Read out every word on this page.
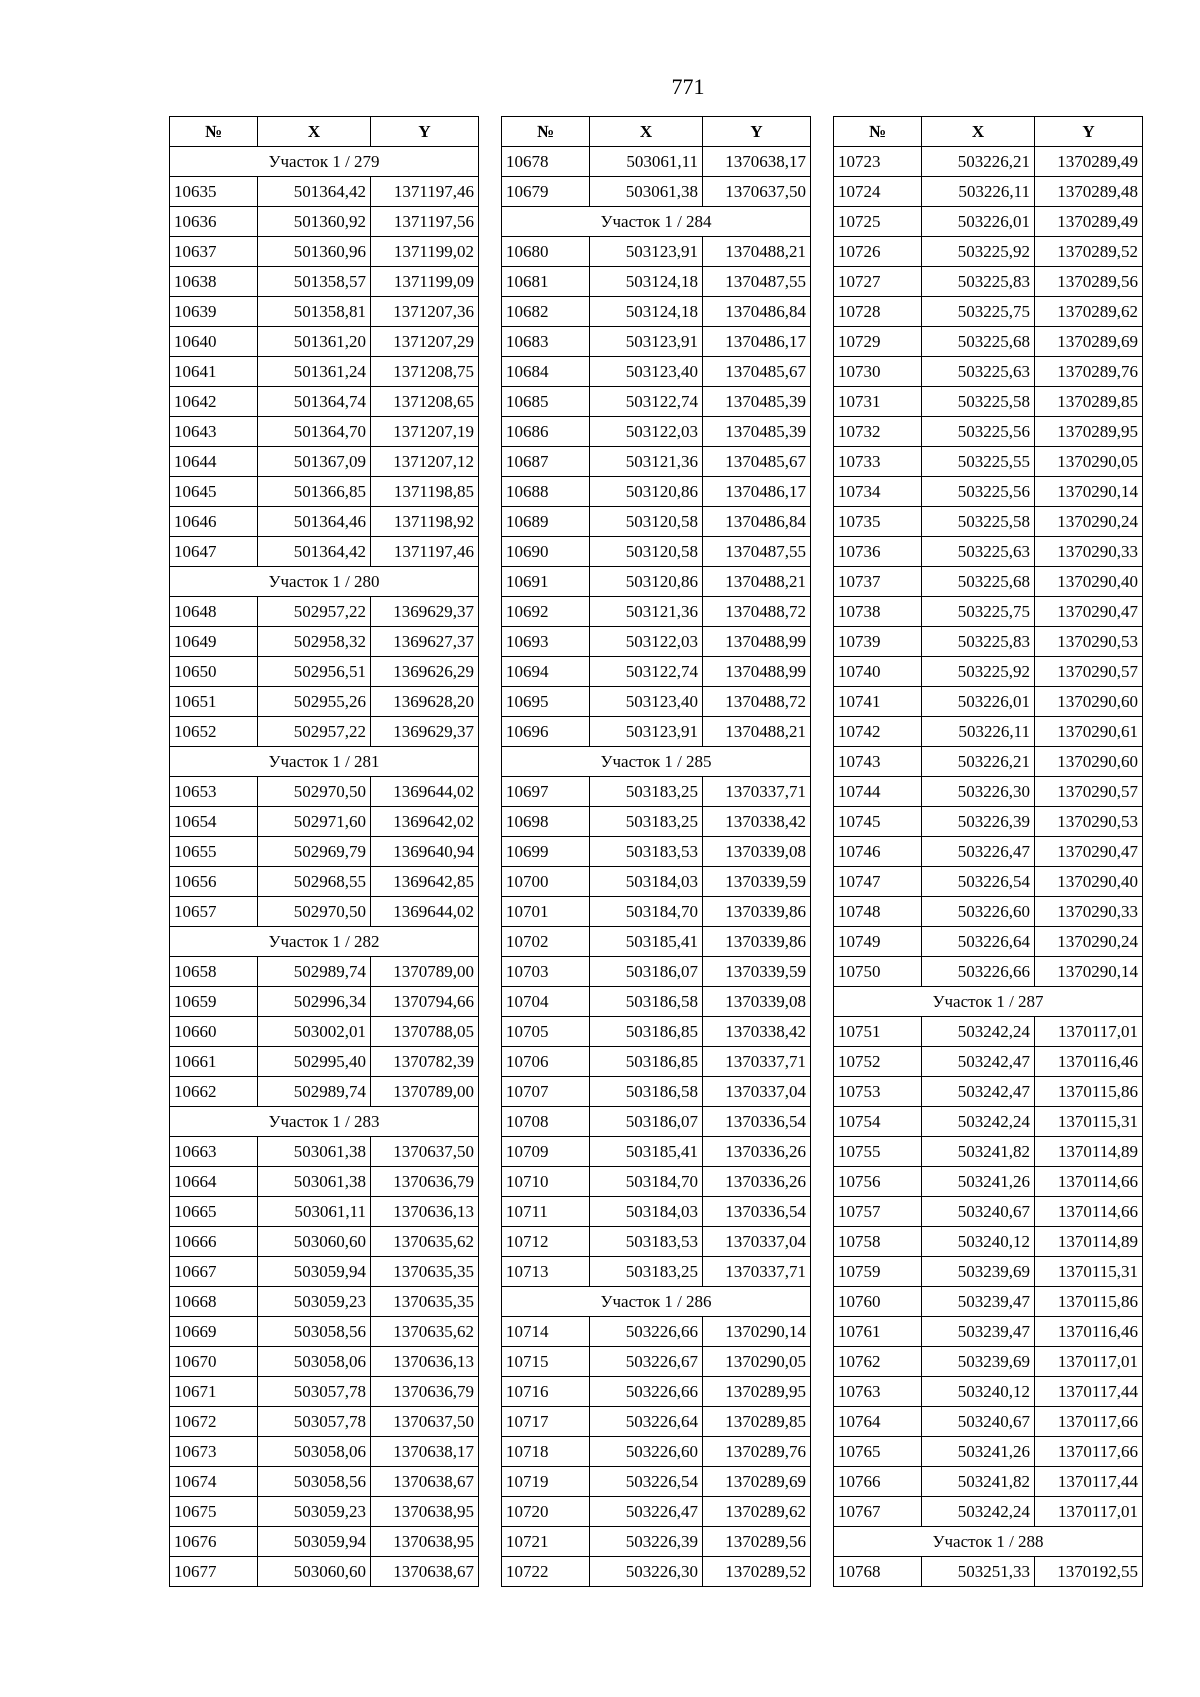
771
№	X	Y
Участок 1 / 279		
10635	501364,42	1371197,46
10636	501360,92	1371197,56
10637	501360,96	1371199,02
10638	501358,57	1371199,09
10639	501358,81	1371207,36
10640	501361,20	1371207,29
10641	501361,24	1371208,75
10642	501364,74	1371208,65
10643	501364,70	1371207,19
10644	501367,09	1371207,12
10645	501366,85	1371198,85
10646	501364,46	1371198,92
10647	501364,42	1371197,46
Участок 1 / 280		
10648	502957,22	1369629,37
10649	502958,32	1369627,37
10650	502956,51	1369626,29
10651	502955,26	1369628,20
10652	502957,22	1369629,37
Участок 1 / 281		
10653	502970,50	1369644,02
10654	502971,60	1369642,02
10655	502969,79	1369640,94
10656	502968,55	1369642,85
10657	502970,50	1369644,02
Участок 1 / 282		
10658	502989,74	1370789,00
10659	502996,34	1370794,66
10660	503002,01	1370788,05
10661	502995,40	1370782,39
10662	502989,74	1370789,00
Участок 1 / 283		
10663	503061,38	1370637,50
10664	503061,38	1370636,79
10665	503061,11	1370636,13
10666	503060,60	1370635,62
10667	503059,94	1370635,35
10668	503059,23	1370635,35
10669	503058,56	1370635,62
10670	503058,06	1370636,13
10671	503057,78	1370636,79
10672	503057,78	1370637,50
10673	503058,06	1370638,17
10674	503058,56	1370638,67
10675	503059,23	1370638,95
10676	503059,94	1370638,95
10677	503060,60	1370638,67
№	X	Y
10678	503061,11	1370638,17
10679	503061,38	1370637,50
Участок 1 / 284		
10680	503123,91	1370488,21
10681	503124,18	1370487,55
10682	503124,18	1370486,84
10683	503123,91	1370486,17
10684	503123,40	1370485,67
10685	503122,74	1370485,39
10686	503122,03	1370485,39
10687	503121,36	1370485,67
10688	503120,86	1370486,17
10689	503120,58	1370486,84
10690	503120,58	1370487,55
10691	503120,86	1370488,21
10692	503121,36	1370488,72
10693	503122,03	1370488,99
10694	503122,74	1370488,99
10695	503123,40	1370488,72
10696	503123,91	1370488,21
Участок 1 / 285		
10697	503183,25	1370337,71
10698	503183,25	1370338,42
10699	503183,53	1370339,08
10700	503184,03	1370339,59
10701	503184,70	1370339,86
10702	503185,41	1370339,86
10703	503186,07	1370339,59
10704	503186,58	1370339,08
10705	503186,85	1370338,42
10706	503186,85	1370337,71
10707	503186,58	1370337,04
10708	503186,07	1370336,54
10709	503185,41	1370336,26
10710	503184,70	1370336,26
10711	503184,03	1370336,54
10712	503183,53	1370337,04
10713	503183,25	1370337,71
Участок 1 / 286		
10714	503226,66	1370290,14
10715	503226,67	1370290,05
10716	503226,66	1370289,95
10717	503226,64	1370289,85
10718	503226,60	1370289,76
10719	503226,54	1370289,69
10720	503226,47	1370289,62
10721	503226,39	1370289,56
10722	503226,30	1370289,52
№	X	Y
10723	503226,21	1370289,49
10724	503226,11	1370289,48
10725	503226,01	1370289,49
10726	503225,92	1370289,52
10727	503225,83	1370289,56
10728	503225,75	1370289,62
10729	503225,68	1370289,69
10730	503225,63	1370289,76
10731	503225,58	1370289,85
10732	503225,56	1370289,95
10733	503225,55	1370290,05
10734	503225,56	1370290,14
10735	503225,58	1370290,24
10736	503225,63	1370290,33
10737	503225,68	1370290,40
10738	503225,75	1370290,47
10739	503225,83	1370290,53
10740	503225,92	1370290,57
10741	503226,01	1370290,60
10742	503226,11	1370290,61
10743	503226,21	1370290,60
10744	503226,30	1370290,57
10745	503226,39	1370290,53
10746	503226,47	1370290,47
10747	503226,54	1370290,40
10748	503226,60	1370290,33
10749	503226,64	1370290,24
10750	503226,66	1370290,14
Участок 1 / 287		
10751	503242,24	1370117,01
10752	503242,47	1370116,46
10753	503242,47	1370115,86
10754	503242,24	1370115,31
10755	503241,82	1370114,89
10756	503241,26	1370114,66
10757	503240,67	1370114,66
10758	503240,12	1370114,89
10759	503239,69	1370115,31
10760	503239,47	1370115,86
10761	503239,47	1370116,46
10762	503239,69	1370117,01
10763	503240,12	1370117,44
10764	503240,67	1370117,66
10765	503241,26	1370117,66
10766	503241,82	1370117,44
10767	503242,24	1370117,01
Участок 1 / 288		
10768	503251,33	1370192,55
